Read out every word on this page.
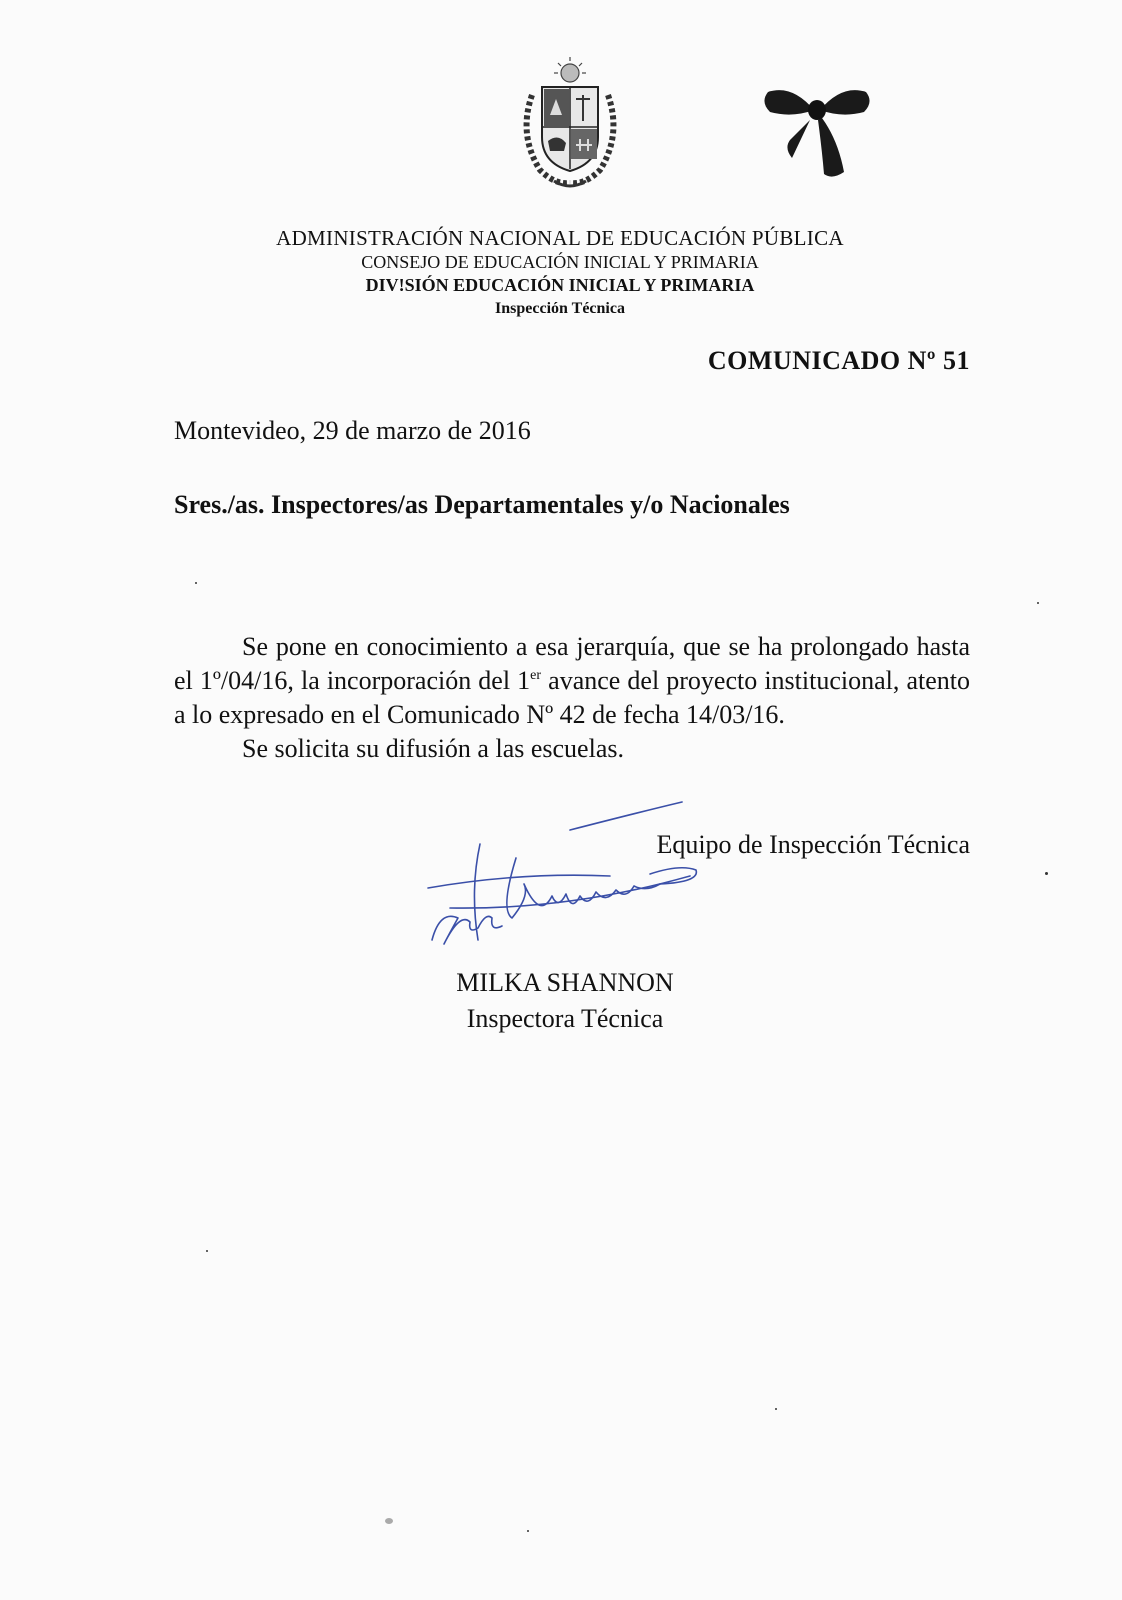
ADMINISTRACIÓN NACIONAL DE EDUCACIÓN PÚBLICA
CONSEJO DE EDUCACIÓN INICIAL Y PRIMARIA
DIV!SIÓN EDUCACIÓN INICIAL Y PRIMARIA
Inspección Técnica
COMUNICADO Nº 51
Montevideo, 29 de marzo de 2016
Sres./as. Inspectores/as Departamentales y/o Nacionales

Se pone en conocimiento a esa jerarquía, que se ha prolongado hasta el 1º/04/16, la incorporación del 1er avance del proyecto institucional, atento a lo expresado en el Comunicado Nº 42 de fecha 14/03/16.

Se solicita su difusión a las escuelas.

Equipo de Inspección Técnica
MILKA SHANNON
Inspectora Técnica
